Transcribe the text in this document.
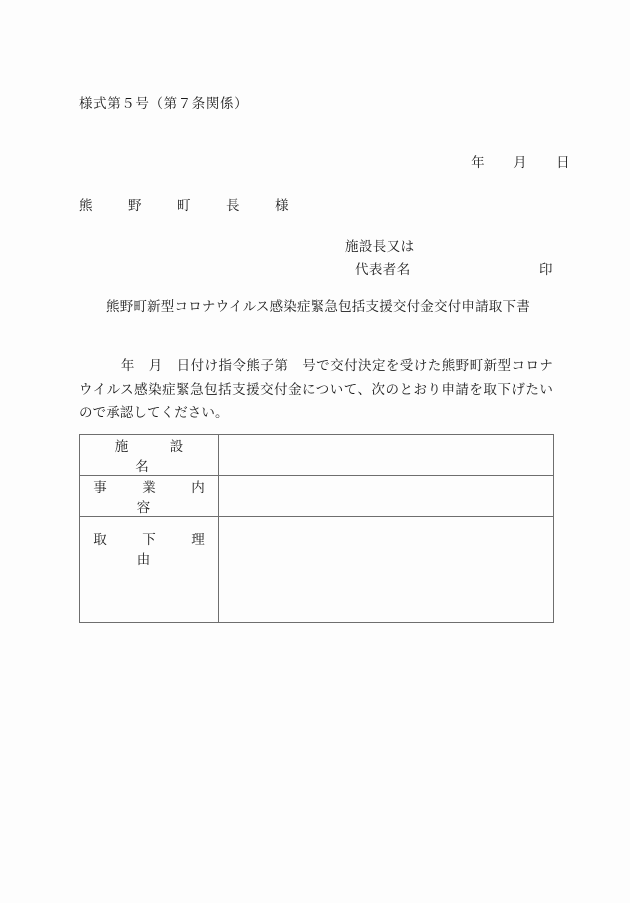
様式第５号（第７条関係）

年 月 日

熊　野　町　長　様
施設長又は
代表者名	印
熊野町新型コロナウイルス感染症緊急包括支援交付金交付申請取下書
　　　年　月　日付け指令熊子第　号で交付決定を受けた熊野町新型コロナウイルス感染症緊急包括支援交付金について、次のとおり申請を取下げたいので承認してください。
施　設　名	
事　業　内　容	
取　下　理　由	
